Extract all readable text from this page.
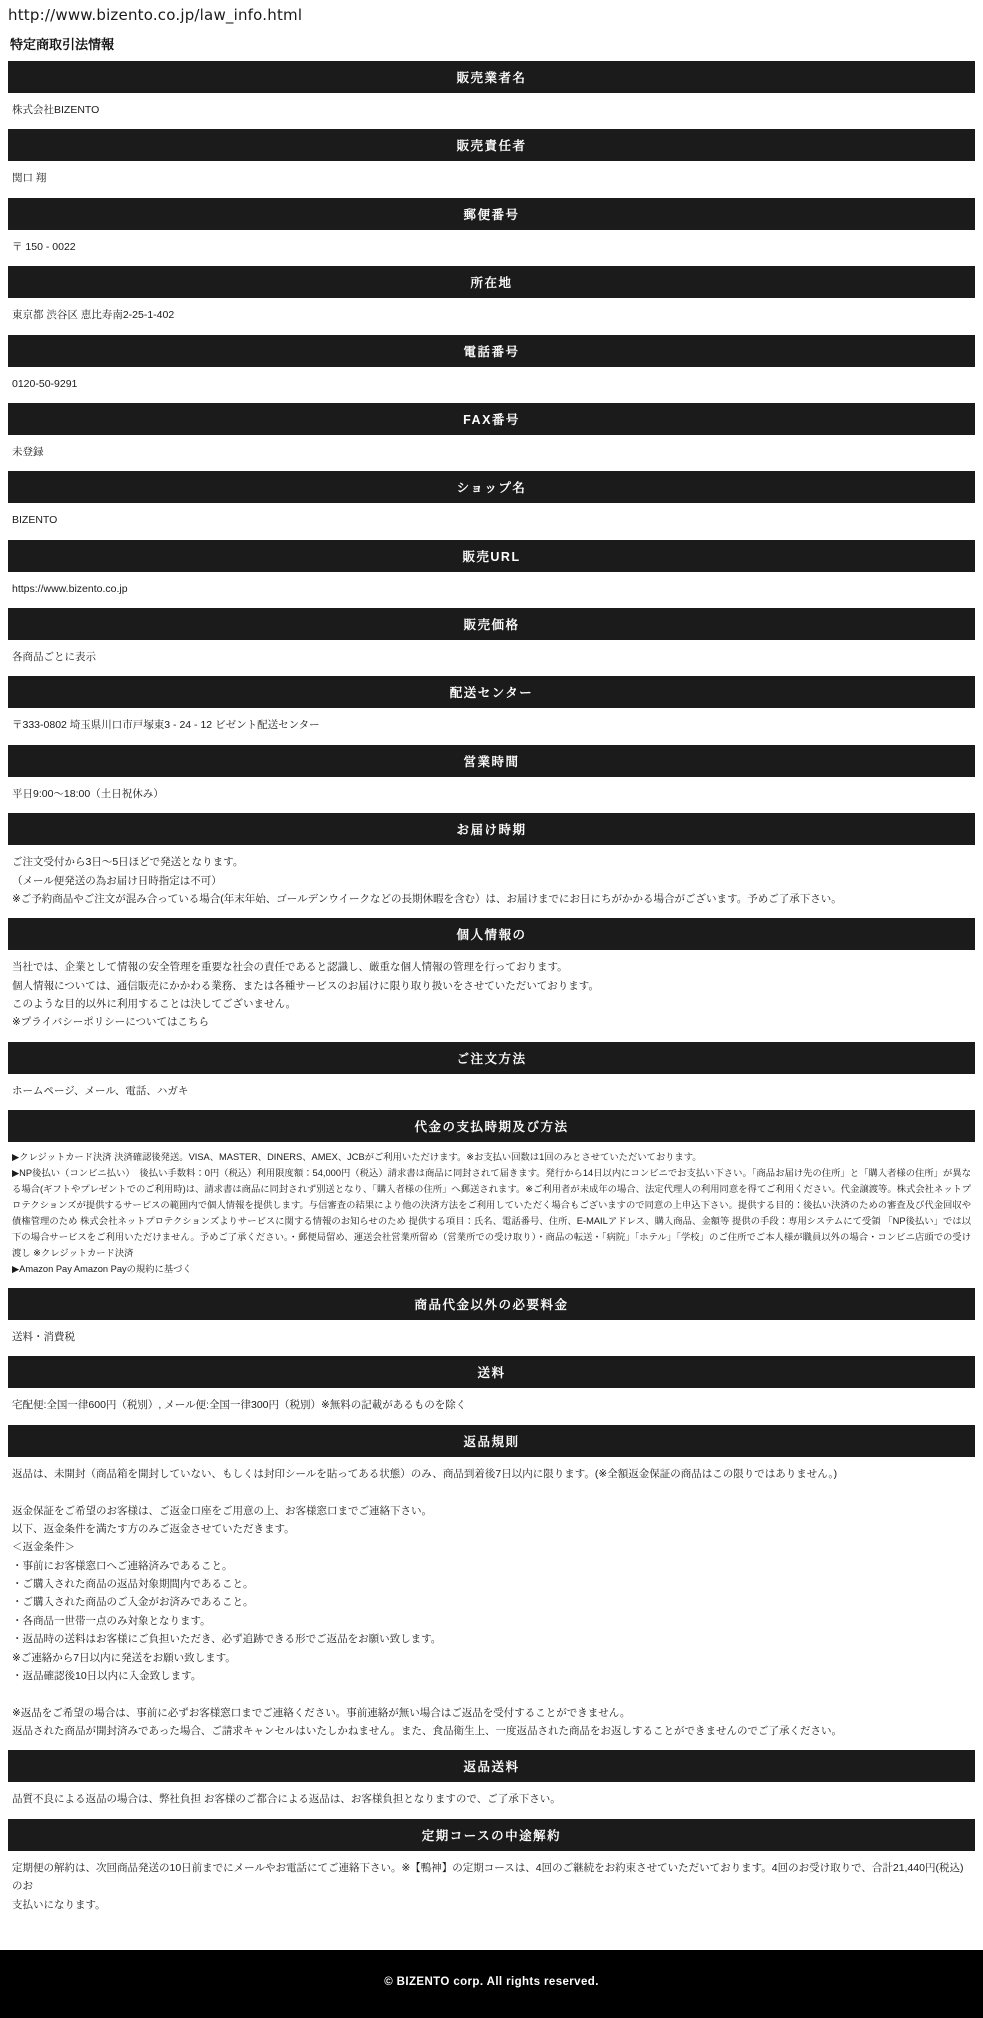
http://www.bizento.co.jp/law_info.html
特定商取引法情報
販売業者名

株式会社BIZENTO

販売責任者

関口 翔

郵便番号

〒 150 - 0022

所在地

東京都 渋谷区 恵比寿南2-25-1-402

電話番号

0120-50-9291

FAX番号

未登録

ショップ名

BIZENTO

販売URL

https://www.bizento.co.jp

販売価格

各商品ごとに表示

配送センター

〒333-0802 埼玉県川口市戸塚東3 - 24 - 12 ビゼント配送センター

営業時間

平日9:00～18:00（土日祝休み）

お届け時期

ご注文受付から3日～5日ほどで発送となります。

（メール便発送の為お届け日時指定は不可）

※ご予約商品やご注文が混み合っている場合(年末年始、ゴールデンウイークなどの長期休暇を含む）は、お届けまでにお日にちがかかる場合がございます。予めご了承下さい。

個人情報の

当社では、企業として情報の安全管理を重要な社会の責任であると認識し、厳重な個人情報の管理を行っております。

個人情報については、通信販売にかかわる業務、または各種サービスのお届けに限り取り扱いをさせていただいております。

このような目的以外に利用することは決してございません。

※プライバシーポリシーについてはこちら

ご注文方法

ホームページ、メール、電話、ハガキ

代金の支払時期及び方法

▶クレジットカード決済 決済確認後発送。VISA、MASTER、DINERS、AMEX、JCBがご利用いただけます。※お支払い回数は1回のみとさせていただいております。

▶NP後払い（コンビニ払い）　後払い手数料：0円（税込）利用限度額：54,000円（税込）請求書は商品に同封されて届きます。発行から14日以内にコンビニでお支払い下さい。「商品お届け先の住所」と「購入者様の住所」が異なる場合(ギフトやプレゼントでのご利用時)は、請求書は商品に同封されず別送となり、「購入者様の住所」へ郵送されます。※ご利用者が未成年の場合、法定代理人の利用同意を得てご利用ください。代金譲渡等。株式会社ネットプロテクションズが提供するサービスの範囲内で個人情報を提供します。与信審査の結果により他の決済方法をご利用していただく場合もございますので同意の上申込下さい。提供する目的：後払い決済のための審査及び代金回収や債権管理のため 株式会社ネットプロテクションズよりサービスに関する情報のお知らせのため 提供する項目：氏名、電話番号、住所、E-MAILアドレス、購入商品、金額等 提供の手段：専用システムにて受領 「NP後払い」では以下の場合サービスをご利用いただけません。予めご了承ください。・郵便局留め、運送会社営業所留め（営業所での受け取り）・商品の転送・「病院」「ホテル」「学校」のご住所でご本人様が職員以外の場合・コンビニ店頭での受け渡し ※クレジットカード決済

▶Amazon Pay Amazon Payの規約に基づく

商品代金以外の必要料金

送料・消費税

送料

宅配便:全国一律600円（税別）, メール便:全国一律300円（税別）※無料の記載があるものを除く

返品規則

返品は、未開封（商品箱を開封していない、もしくは封印シールを貼ってある状態）のみ、商品到着後7日以内に限ります。(※全額返金保証の商品はこの限りではありません。)

返金保証をご希望のお客様は、ご返金口座をご用意の上、お客様窓口までご連絡下さい。

以下、返金条件を満たす方のみご返金させていただきます。

＜返金条件＞

・事前にお客様窓口へご連絡済みであること。

・ご購入された商品の返品対象期間内であること。

・ご購入された商品のご入金がお済みであること。

・各商品一世帯一点のみ対象となります。

・返品時の送料はお客様にご負担いただき、必ず追跡できる形でご返品をお願い致します。

※ご連絡から7日以内に発送をお願い致します。

・返品確認後10日以内に入金致します。

※返品をご希望の場合は、事前に必ずお客様窓口までご連絡ください。事前連絡が無い場合はご返品を受付することができません。

返品された商品が開封済みであった場合、ご請求キャンセルはいたしかねません。また、食品衛生上、一度返品された商品をお返しすることができませんのでご了承ください。

返品送料

品質不良による返品の場合は、弊社負担 お客様のご都合による返品は、お客様負担となりますので、ご了承下さい。

定期コースの中途解約

定期便の解約は、次回商品発送の10日前までにメールやお電話にてご連絡下さい。※【鴨神】の定期コースは、4回のご継続をお約束させていただいております。4回のお受け取りで、合計21,440円(税込)のお

支払いになります。

© BIZENTO corp. All rights reserved.
